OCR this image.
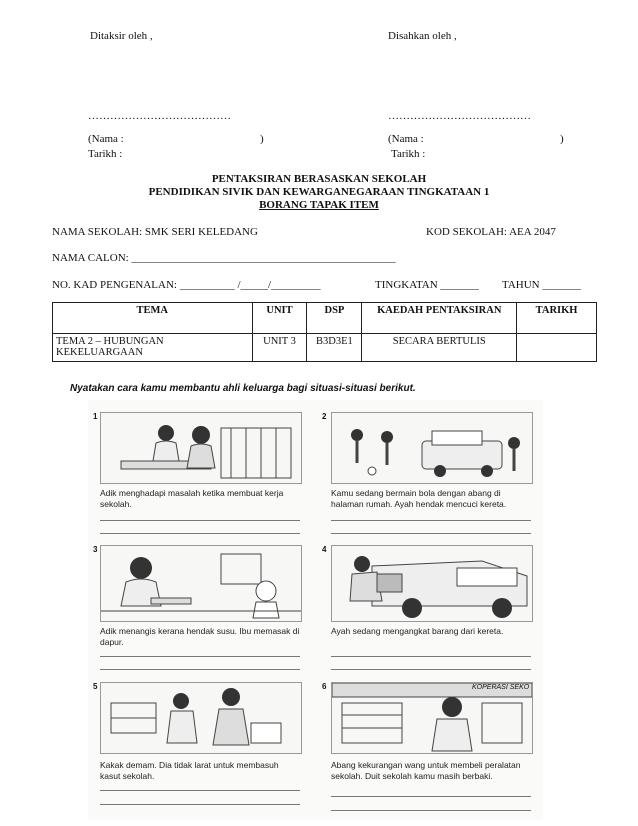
Ditaksir oleh ,	Disahkan oleh ,
…………………………………	…………………………………
(Nama :	)	(Nama :	)
Tarikh :	Tarikh :
PENTAKSIRAN BERASASKAN SEKOLAH
PENDIDIKAN SIVIK DAN KEWARGANEGARAAN TINGKATAAN 1
BORANG TAPAK ITEM
NAMA SEKOLAH: SMK SERI KELEDANG	KOD SEKOLAH: AEA 2047
NAMA CALON: ________________________________________________
NO. KAD PENGENALAN: __________ /_____/_________	TINGKATAN _______ TAHUN _______
TEMA	UNIT	DSP	KAEDAH PENTAKSIRAN	TARIKH
TEMA 2 – HUBUNGAN KEKELUARGAAN	UNIT 3	B3D3E1	SECARA BERTULIS	
Nyatakan cara kamu membantu ahli keluarga bagi situasi-situasi berikut.
1
Adik menghadapi masalah ketika membuat kerja sekolah.
2
Kamu sedang bermain bola dengan abang di halaman rumah. Ayah hendak mencuci kereta.
3
Adik menangis kerana hendak susu. Ibu memasak di dapur.
4
Ayah sedang mengangkat barang dari kereta.
5
Kakak demam. Dia tidak larat untuk membasuh kasut sekolah.
6	KOPERASI SEKO
Abang kekurangan wang untuk membeli peralatan sekolah. Duit sekolah kamu masih berbaki.
